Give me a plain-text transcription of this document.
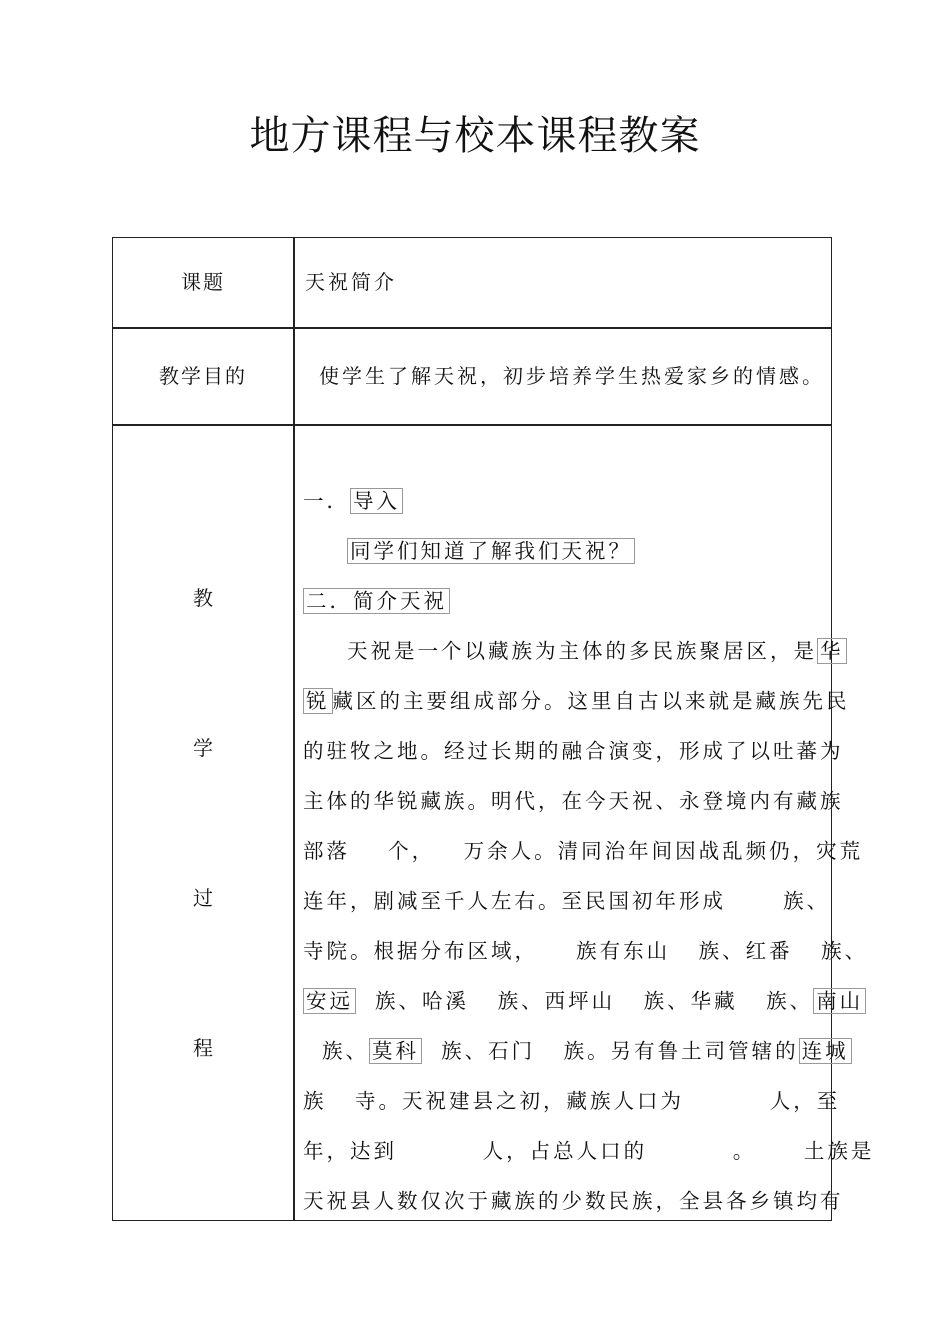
地方课程与校本课程教案
课题	天祝简介
教学目的	使学生了解天祝，初步培养学生热爱家乡的情感。
教
学
过
程
一． 导入
同学们知道了解我们天祝？
二．简介天祝
天祝是一个以藏族为主体的多民族聚居区，是 华
锐 藏区的主要组成部分。这里自古以来就是藏族先民
的驻牧之地。经过长期的融合演变，形成了以吐蕃为
主体的华锐藏族。明代，在今天祝、永登境内有藏族
部落    个，   万余人。清同治年间因战乱频仍，灾荒
连年，剧减至千人左右。至民国初年形成      族、
寺院。根据分布区域，    族有东山   族、红番   族、
安远  族、哈溪   族、西坪山   族、华藏   族、 南山
族、 莫科  族、石门   族。另有鲁土司管辖的 连城
族   寺。天祝建县之初，藏族人口为         人，至
年，达到         人，占总人口的         。     土族是
天祝县人数仅次于藏族的少数民族，全县各乡镇均有
